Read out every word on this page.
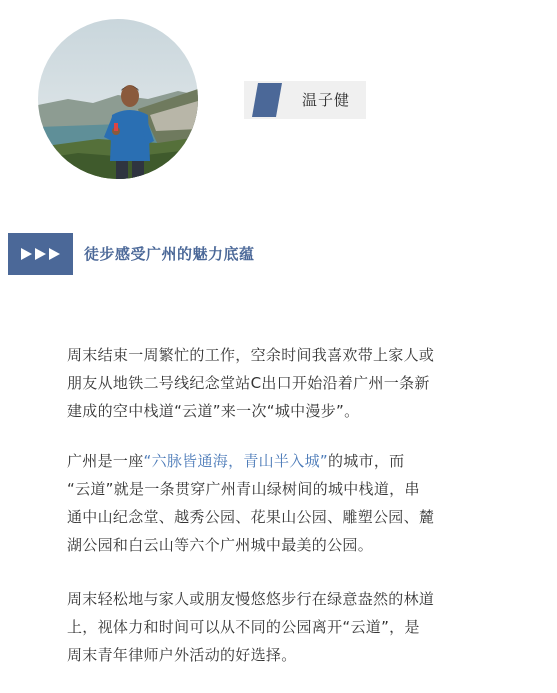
温子健
徒步感受广州的魅力底蕴
周末结束一周繁忙的工作，空余时间我喜欢带上家人或
朋友从地铁二号线纪念堂站C出口开始沿着广州一条新
建成的空中栈道“云道”来一次“城中漫步”。
广州是一座“六脉皆通海，青山半入城”的城市，而
“云道”就是一条贯穿广州青山绿树间的城中栈道，串
通中山纪念堂、越秀公园、花果山公园、雕塑公园、麓
湖公园和白云山等六个广州城中最美的公园。
周末轻松地与家人或朋友慢悠悠步行在绿意盎然的林道
上，视体力和时间可以从不同的公园离开“云道”，是
周末青年律师户外活动的好选择。
